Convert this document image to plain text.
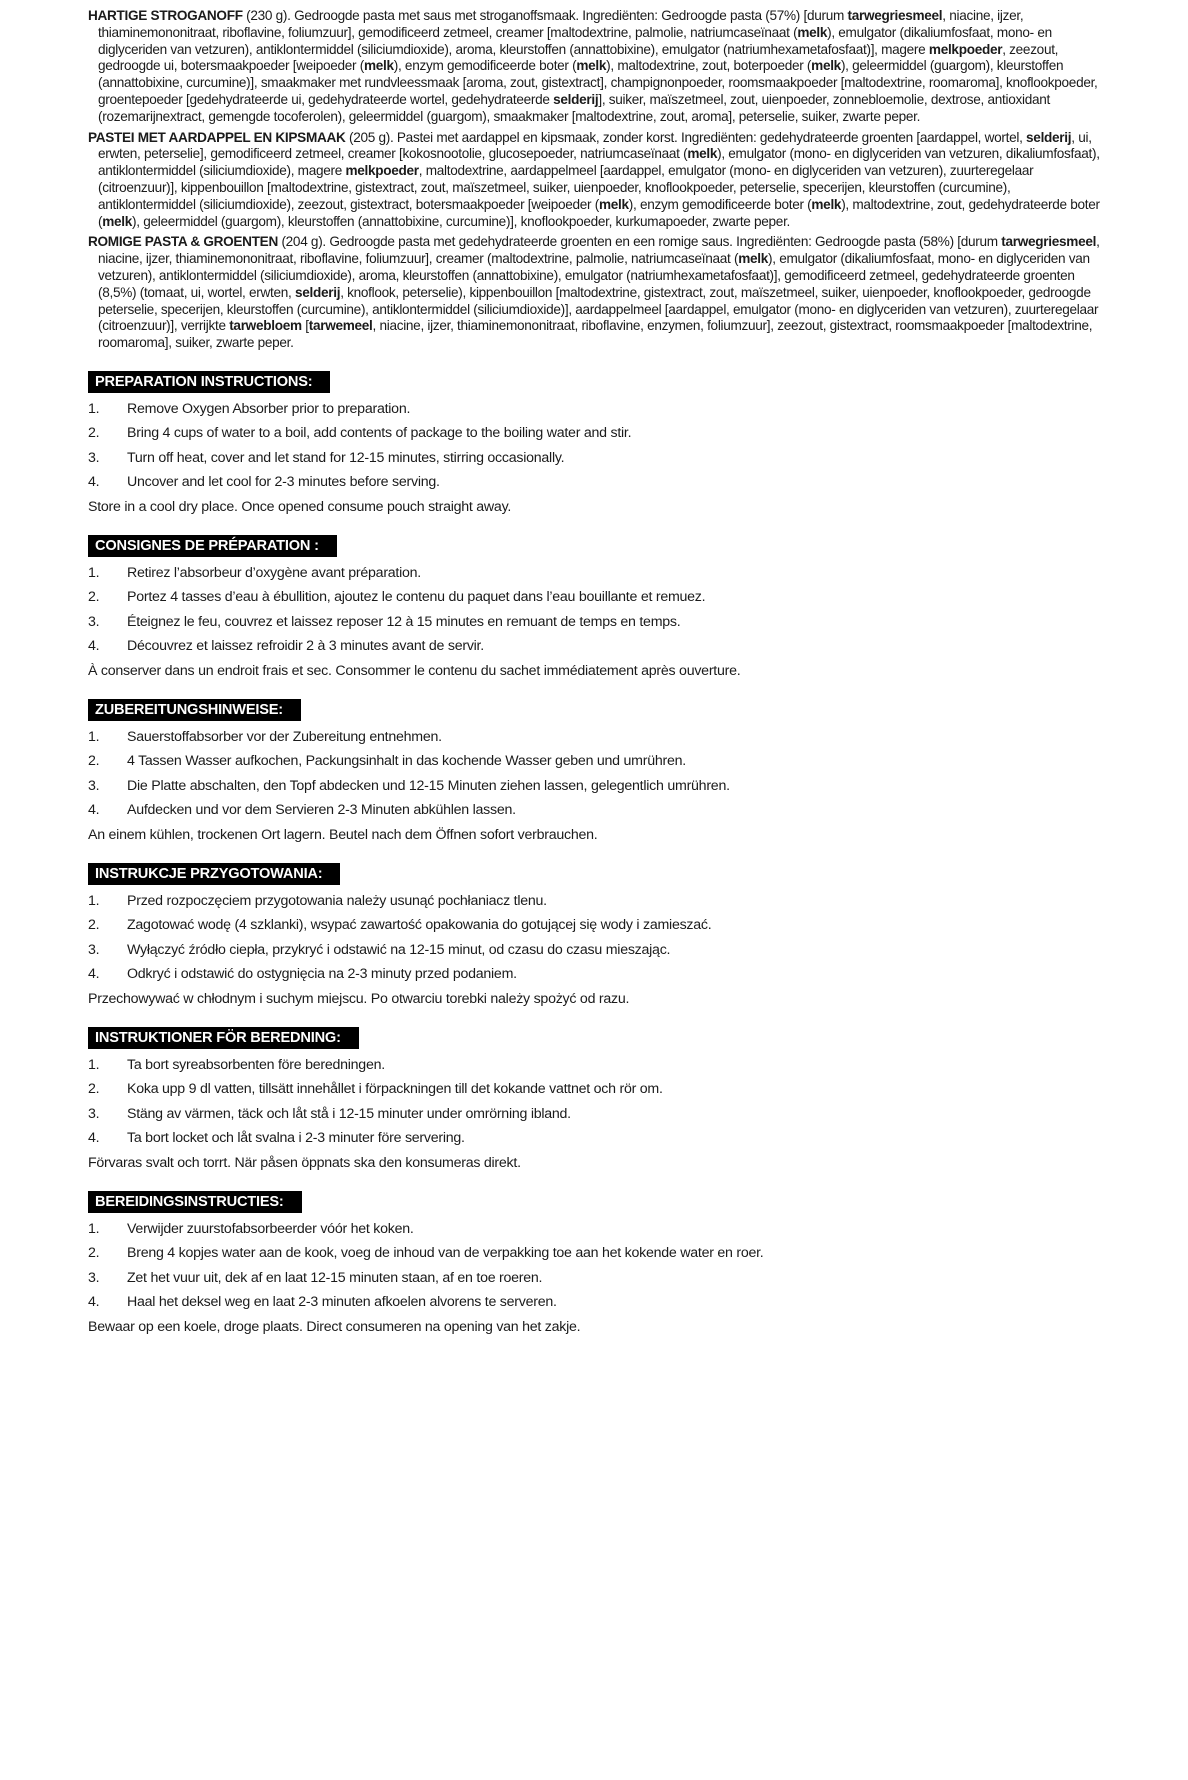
HARTIGE STROGANOFF (230 g). Gedroogde pasta met saus met stroganoffsmaak. Ingrediënten: Gedroogde pasta (57%) [durum tarwegriesmeel, niacine, ijzer, thiaminemononitraat, riboflavine, foliumzuur], gemodificeerd zetmeel, creamer [maltodextrine, palmolie, natriumcaseïnaat (melk), emulgator (dikaliumfosfaat, mono- en diglyceriden van vetzuren), antiklontermiddel (siliciumdioxide), aroma, kleurstoffen (annattobixine), emulgator (natriumhexametafosfaat)], magere melkpoeder, zeezout, gedroogde ui, botersmaakpoeder [weipoeder (melk), enzym gemodificeerde boter (melk), maltodextrine, zout, boterpoeder (melk), geleermiddel (guargom), kleurstoffen (annattobixine, curcumine)], smaakmaker met rundvleessmaak [aroma, zout, gistextract], champignonpoeder, roomsmaakpoeder [maltodextrine, roomaroma], knoflookpoeder, groentepoeder [gedehydrateerde ui, gedehydrateerde wortel, gedehydrateerde selderij], suiker, maïszetmeel, zout, uienpoeder, zonnebloemolie, dextrose, antioxidant (rozemarijnextract, gemengde tocoferolen), geleermiddel (guargom), smaakmaker [maltodextrine, zout, aroma], peterselie, suiker, zwarte peper.

PASTEI MET AARDAPPEL EN KIPSMAAK (205 g). Pastei met aardappel en kipsmaak, zonder korst. Ingrediënten: gedehydrateerde groenten [aardappel, wortel, selderij, ui, erwten, peterselie], gemodificeerd zetmeel, creamer [kokosnootolie, glucosepoeder, natriumcaseïnaat (melk), emulgator (mono- en diglyceriden van vetzuren, dikaliumfosfaat), antiklontermiddel (siliciumdioxide), magere melkpoeder, maltodextrine, aardappelmeel [aardappel, emulgator (mono- en diglyceriden van vetzuren), zuurteregelaar (citroenzuur)], kippenbouillon [maltodextrine, gistextract, zout, maïszetmeel, suiker, uienpoeder, knoflookpoeder, peterselie, specerijen, kleurstoffen (curcumine), antiklontermiddel (siliciumdioxide), zeezout, gistextract, botersmaakpoeder [weipoeder (melk), enzym gemodificeerde boter (melk), maltodextrine, zout, gedehydrateerde boter (melk), geleermiddel (guargom), kleurstoffen (annattobixine, curcumine)], knoflookpoeder, kurkumapoeder, zwarte peper.

ROMIGE PASTA & GROENTEN (204 g). Gedroogde pasta met gedehydrateerde groenten en een romige saus. Ingrediënten: Gedroogde pasta (58%) [durum tarwegriesmeel, niacine, ijzer, thiaminemononitraat, riboflavine, foliumzuur], creamer (maltodextrine, palmolie, natriumcaseïnaat (melk), emulgator (dikaliumfosfaat, mono- en diglyceriden van vetzuren), antiklontermiddel (siliciumdioxide), aroma, kleurstoffen (annattobixine), emulgator (natriumhexametafosfaat)], gemodificeerd zetmeel, gedehydrateerde groenten (8,5%) (tomaat, ui, wortel, erwten, selderij, knoflook, peterselie), kippenbouillon [maltodextrine, gistextract, zout, maïszetmeel, suiker, uienpoeder, knoflookpoeder, gedroogde peterselie, specerijen, kleurstoffen (curcumine), antiklontermiddel (siliciumdioxide)], aardappelmeel [aardappel, emulgator (mono- en diglyceriden van vetzuren), zuurteregelaar (citroenzuur)], verrijkte tarwebloem [tarwemeel, niacine, ijzer, thiaminemononitraat, riboflavine, enzymen, foliumzuur], zeezout, gistextract, roomsmaakpoeder [maltodextrine, roomaroma], suiker, zwarte peper.

PREPARATION INSTRUCTIONS:
1.	Remove Oxygen Absorber prior to preparation.
2.	Bring 4 cups of water to a boil, add contents of package to the boiling water and stir.
3.	Turn off heat, cover and let stand for 12-15 minutes, stirring occasionally.
4.	Uncover and let cool for 2-3 minutes before serving.

Store in a cool dry place. Once opened consume pouch straight away.

CONSIGNES DE PRÉPARATION :
1.	Retirez l’absorbeur d’oxygène avant préparation.
2.	Portez 4 tasses d’eau à ébullition, ajoutez le contenu du paquet dans l’eau bouillante et remuez.
3.	Éteignez le feu, couvrez et laissez reposer 12 à 15 minutes en remuant de temps en temps.
4.	Découvrez et laissez refroidir 2 à 3 minutes avant de servir.

À conserver dans un endroit frais et sec. Consommer le contenu du sachet immédiatement après ouverture.

ZUBEREITUNGSHINWEISE:
1.	Sauerstoffabsorber vor der Zubereitung entnehmen.
2.	4 Tassen Wasser aufkochen, Packungsinhalt in das kochende Wasser geben und umrühren.
3.	Die Platte abschalten, den Topf abdecken und 12-15 Minuten ziehen lassen, gelegentlich umrühren.
4.	Aufdecken und vor dem Servieren 2-3 Minuten abkühlen lassen.

An einem kühlen, trockenen Ort lagern. Beutel nach dem Öffnen sofort verbrauchen.

INSTRUKCJE PRZYGOTOWANIA:
1.	Przed rozpoczęciem przygotowania należy usunąć pochłaniacz tlenu.
2.	Zagotować wodę (4 szklanki), wsypać zawartość opakowania do gotującej się wody i zamieszać.
3.	Wyłączyć źródło ciepła, przykryć i odstawić na 12-15 minut, od czasu do czasu mieszając.
4.	Odkryć i odstawić do ostygnięcia na 2-3 minuty przed podaniem.

Przechowywać w chłodnym i suchym miejscu. Po otwarciu torebki należy spożyć od razu.

INSTRUKTIONER FÖR BEREDNING:
1.	Ta bort syreabsorbenten före beredningen.
2.	Koka upp 9 dl vatten, tillsätt innehållet i förpackningen till det kokande vattnet och rör om.
3.	Stäng av värmen, täck och låt stå i 12-15 minuter under omrörning ibland.
4.	Ta bort locket och låt svalna i 2-3 minuter före servering.

Förvaras svalt och torrt. När påsen öppnats ska den konsumeras direkt.

BEREIDINGSINSTRUCTIES:
1.	Verwijder zuurstofabsorbeerder vóór het koken.
2.	Breng 4 kopjes water aan de kook, voeg de inhoud van de verpakking toe aan het kokende water en roer.
3.	Zet het vuur uit, dek af en laat 12-15 minuten staan, af en toe roeren.
4.	Haal het deksel weg en laat 2-3 minuten afkoelen alvorens te serveren.

Bewaar op een koele, droge plaats. Direct consumeren na opening van het zakje.
